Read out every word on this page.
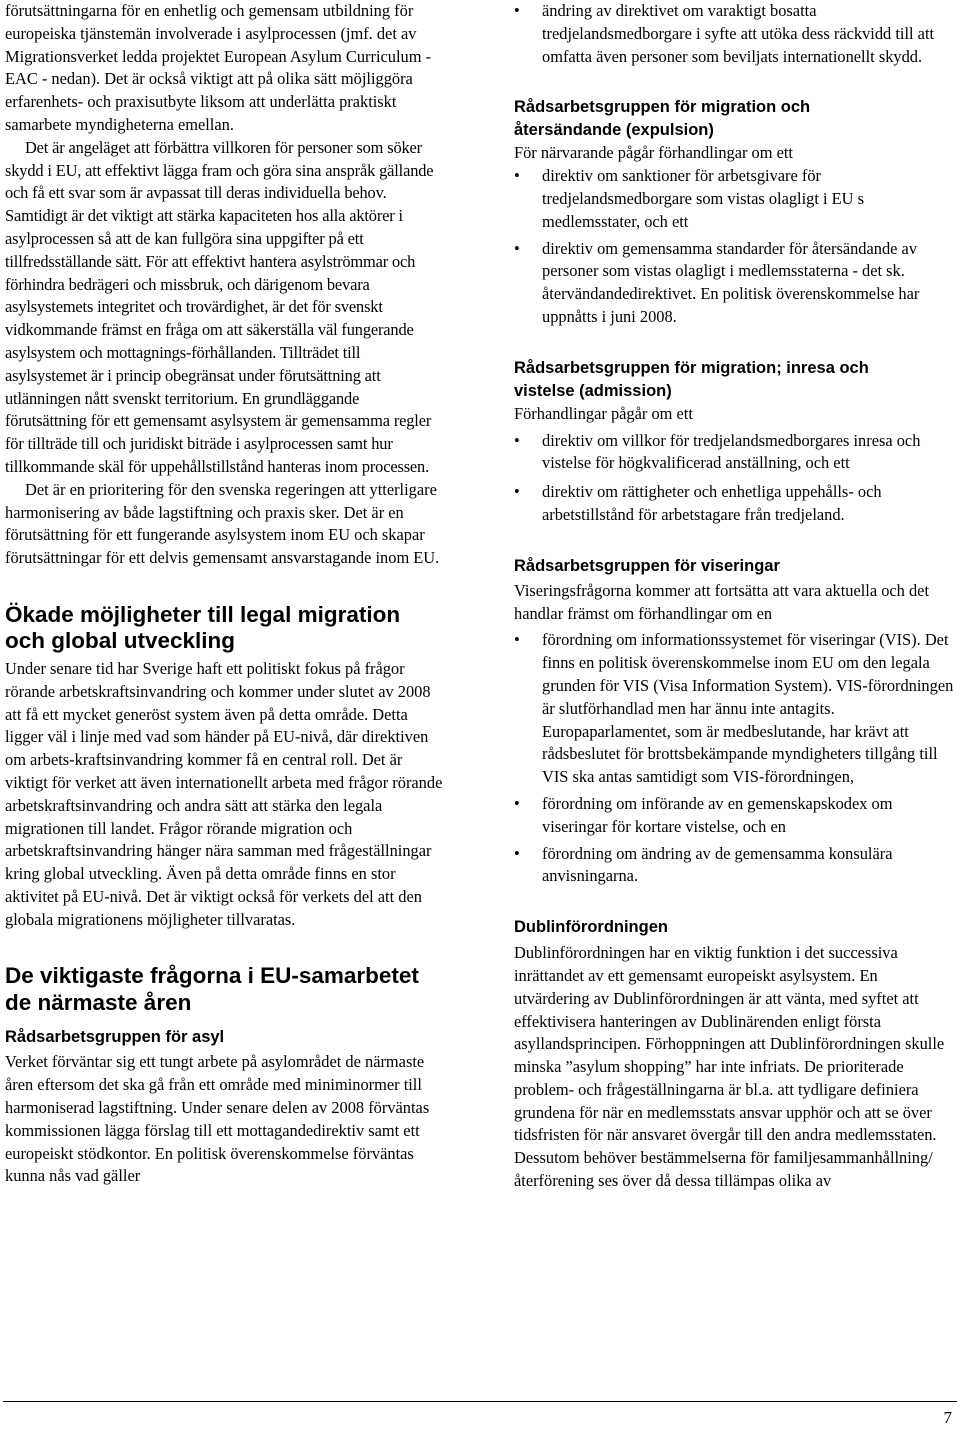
förutsättningarna för en enhetlig och gemensam utbildning för europeiska tjänstemän involverade i asylprocessen (jmf. det av Migrationsverket ledda projektet European Asylum Curriculum - EAC - nedan). Det är också viktigt att på olika sätt möjliggöra erfarenhets- och praxisutbyte liksom att underlätta praktiskt samarbete myndigheterna emellan.

Det är angeläget att förbättra villkoren för personer som söker skydd i EU, att effektivt lägga fram och göra sina anspråk gällande och få ett svar som är avpassat till deras individuella behov. Samtidigt är det viktigt att stärka kapaciteten hos alla aktörer i asylprocessen så att de kan fullgöra sina uppgifter på ett tillfredsställande sätt. För att effektivt hantera asylströmmar och förhindra bedrägeri och missbruk, och därigenom bevara asylsystemets integritet och trovärdighet, är det för svenskt vidkommande främst en fråga om att säkerställa väl fungerande asylsystem och mottagnings-förhållanden. Tillträdet till asylsystemet är i princip obegränsat under förutsättning att utlänningen nått svenskt territorium. En grundläggande förutsättning för ett gemensamt asylsystem är gemensamma regler för tillträde till och juridiskt biträde i asylprocessen samt hur tillkommande skäl för uppehållstillstånd hanteras inom processen.

Det är en prioritering för den svenska regeringen att ytterligare harmonisering av både lagstiftning och praxis sker. Det är en förutsättning för ett fungerande asylsystem inom EU och skapar förutsättningar för ett delvis gemensamt ansvarstagande inom EU.

Ökade möjligheter till legal migration
och global utveckling

Under senare tid har Sverige haft ett politiskt fokus på frågor rörande arbetskraftsinvandring och kommer under slutet av 2008 att få ett mycket generöst system även på detta område. Detta ligger väl i linje med vad som händer på EU-nivå, där direktiven om arbets-kraftsinvandring kommer få en central roll. Det är viktigt för verket att även internationellt arbeta med frågor rörande arbetskraftsinvandring och andra sätt att stärka den legala migrationen till landet. Frågor rörande migration och arbetskraftsinvandring hänger nära samman med frågeställningar kring global utveckling. Även på detta område finns en stor aktivitet på EU-nivå. Det är viktigt också för verkets del att den globala migrationens möjligheter tillvaratas.

De viktigaste frågorna i EU-samarbetet
de närmaste åren
Rådsarbetsgruppen för asyl

Verket förväntar sig ett tungt arbete på asylområdet de närmaste åren eftersom det ska gå från ett område med miniminormer till harmoniserad lagstiftning. Under senare delen av 2008 förväntas kommissionen lägga förslag till ett mottagandedirektiv samt ett europeiskt stödkontor. En politisk överenskommelse förväntas kunna nås vad gäller

•	ändring av direktivet om varaktigt bosatta tredjelandsmedborgare i syfte att utöka dess räckvidd till att omfatta även personer som beviljats internationellt skydd.
Rådsarbetsgruppen för migration och
återsändande (expulsion)

För närvarande pågår förhandlingar om ett

•	direktiv om sanktioner för arbetsgivare för tredjelandsmedborgare som vistas olagligt i EU s medlemsstater, och ett
•	direktiv om gemensamma standarder för återsändande av personer som vistas olagligt i medlemsstaterna - det sk. återvändandedirektivet. En politisk överenskommelse har uppnåtts i juni 2008.
Rådsarbetsgruppen för migration; inresa och
vistelse (admission)

Förhandlingar pågår om ett

•	direktiv om villkor för tredjelandsmedborgares inresa och vistelse för högkvalificerad anställning, och ett
•	direktiv om rättigheter och enhetliga uppehålls- och arbetstillstånd för arbetstagare från tredjeland.
Rådsarbetsgruppen för viseringar

Viseringsfrågorna kommer att fortsätta att vara aktuella och det handlar främst om förhandlingar om en

•	förordning om informationssystemet för viseringar (VIS). Det finns en politisk överenskommelse inom EU om den legala grunden för VIS (Visa Information System). VIS-förordningen är slutförhandlad men har ännu inte antagits. Europaparlamentet, som är medbeslutande, har krävt att rådsbeslutet för brottsbekämpande myndigheters tillgång till VIS ska antas samtidigt som VIS-förordningen,
•	förordning om införande av en gemenskapskodex om viseringar för kortare vistelse, och en
•	förordning om ändring av de gemensamma konsulära anvisningarna.
Dublinförordningen

Dublinförordningen har en viktig funktion i det successiva inrättandet av ett gemensamt europeiskt asylsystem. En utvärdering av Dublinförordningen är att vänta, med syftet att effektivisera hanteringen av Dublinärenden enligt första asyllandsprincipen. Förhoppningen att Dublinförordningen skulle minska ”asylum shopping” har inte infriats. De prioriterade problem- och frågeställningarna är bl.a. att tydligare definiera grundena för när en medlemsstats ansvar upphör och att se över tidsfristen för när ansvaret övergår till den andra medlemsstaten. Dessutom behöver bestämmelserna för familjesammanhållning/ återförening ses över då dessa tillämpas olika av

7
